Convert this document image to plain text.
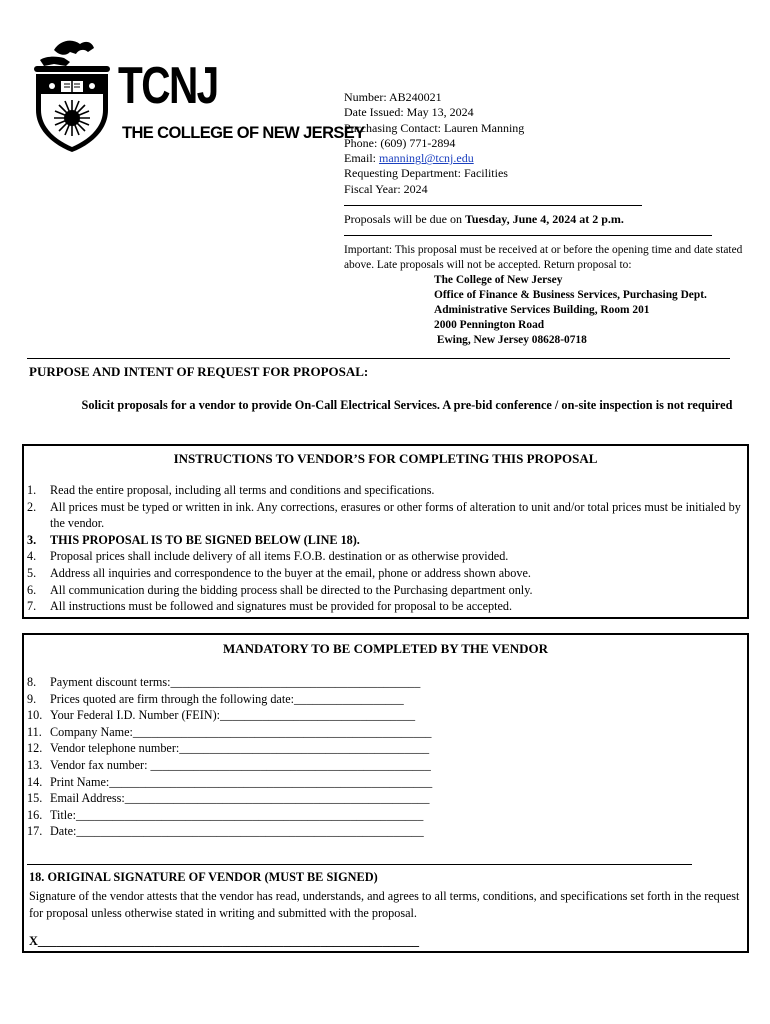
TCNJ
THE COLLEGE OF NEW JERSEY
Number: AB240021
Date Issued: May 13, 2024
Purchasing Contact: Lauren Manning
Phone: (609) 771-2894
Email: manningl@tcnj.edu
Requesting Department: Facilities
Fiscal Year: 2024
Proposals will be due on Tuesday, June 4, 2024 at 2 p.m.
Important: This proposal must be received at or before the opening time and date stated above. Late proposals will not be accepted. Return proposal to:
The College of New Jersey
Office of Finance & Business Services, Purchasing Dept.
Administrative Services Building, Room 201
2000 Pennington Road
Ewing, New Jersey 08628-0718
PURPOSE AND INTENT OF REQUEST FOR PROPOSAL:
Solicit proposals for a vendor to provide On-Call Electrical Services. A pre-bid conference / on-site inspection is not required
INSTRUCTIONS TO VENDOR’S FOR COMPLETING THIS PROPOSAL
1.	Read the entire proposal, including all terms and conditions and specifications.
2.	All prices must be typed or written in ink. Any corrections, erasures or other forms of alteration to unit and/or total prices must be initialed by the vendor.
3.	THIS PROPOSAL IS TO BE SIGNED BELOW (LINE 18).
4.	Proposal prices shall include delivery of all items F.O.B. destination or as otherwise provided.
5.	Address all inquiries and correspondence to the buyer at the email, phone or address shown above.
6.	All communication during the bidding process shall be directed to the Purchasing department only.
7.	All instructions must be followed and signatures must be provided for proposal to be accepted.
MANDATORY TO BE COMPLETED BY THE VENDOR
8.	Payment discount terms:_________________________________________
9.	Prices quoted are firm through the following date:__________________
10. Your Federal I.D. Number (FEIN):________________________________
11. Company Name:_________________________________________________
12. Vendor telephone number:_________________________________________
13. Vendor fax number: ______________________________________________
14. Print Name:_____________________________________________________
15. Email Address:__________________________________________________
16. Title:_________________________________________________________
17. Date:_________________________________________________________
18. ORIGINAL SIGNATURE OF VENDOR (MUST BE SIGNED)
Signature of the vendor attests that the vendor has read, understands, and agrees to all terms, conditions, and specifications set forth in the request for proposal unless otherwise stated in writing and submitted with the proposal.
X______________________________________________________________
